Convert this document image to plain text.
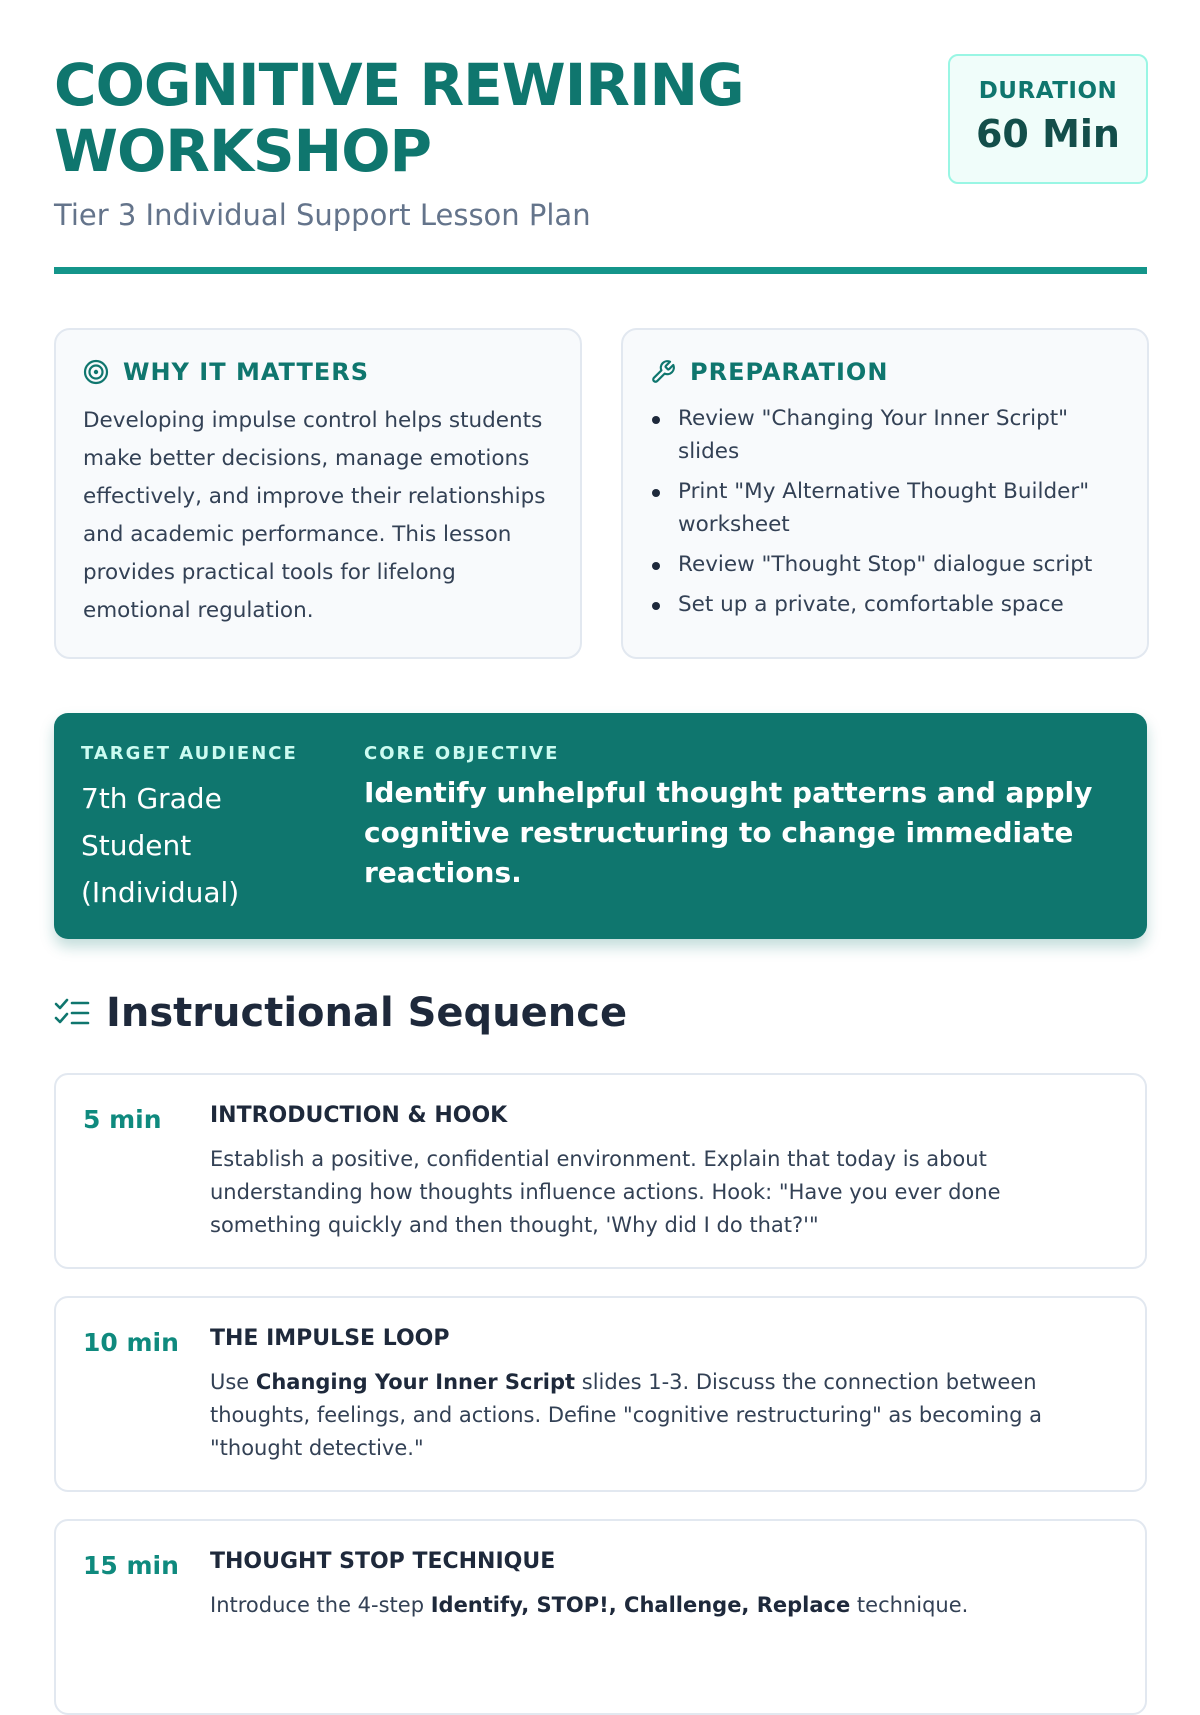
COGNITIVE REWIRING WORKSHOP
Tier 3 Individual Support Lesson Plan
DURATION
60 Min
WHY IT MATTERS

Developing impulse control helps students make better decisions, manage emotions effectively, and improve their relationships and academic performance. This lesson provides practical tools for lifelong emotional regulation.

PREPARATION
Review "Changing Your Inner Script" slides
Print "My Alternative Thought Builder" worksheet
Review "Thought Stop" dialogue script
Set up a private, comfortable space
TARGET AUDIENCE
7th Grade Student (Individual)
CORE OBJECTIVE
Identify unhelpful thought patterns and apply cognitive restructuring to change immediate reactions.
Instructional Sequence
5 min INTRODUCTION & HOOK

Establish a positive, confidential environment. Explain that today is about understanding how thoughts influence actions. Hook: "Have you ever done something quickly and then thought, 'Why did I do that?'"

10 min THE IMPULSE LOOP

Use Changing Your Inner Script slides 1-3. Discuss the connection between thoughts, feelings, and actions. Define "cognitive restructuring" as becoming a "thought detective."

15 min THOUGHT STOP TECHNIQUE

Introduce the 4-step Identify, STOP!, Challenge, Replace technique.
